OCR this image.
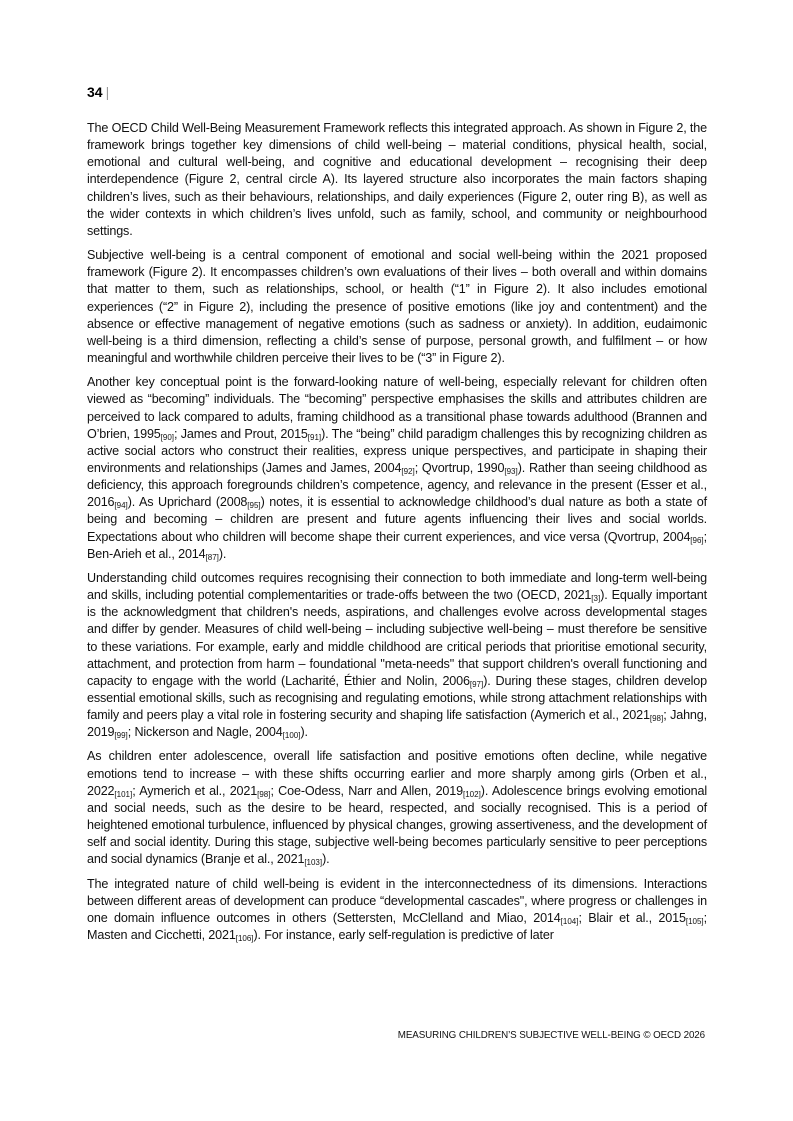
34 |

The OECD Child Well-Being Measurement Framework reflects this integrated approach. As shown in Figure 2, the framework brings together key dimensions of child well-being – material conditions, physical health, social, emotional and cultural well-being, and cognitive and educational development – recognising their deep interdependence (Figure 2, central circle A). Its layered structure also incorporates the main factors shaping children’s lives, such as their behaviours, relationships, and daily experiences (Figure 2, outer ring B), as well as the wider contexts in which children’s lives unfold, such as family, school, and community or neighbourhood settings.

Subjective well-being is a central component of emotional and social well-being within the 2021 proposed framework (Figure 2). It encompasses children’s own evaluations of their lives – both overall and within domains that matter to them, such as relationships, school, or health (“1” in Figure 2). It also includes emotional experiences (“2” in Figure 2), including the presence of positive emotions (like joy and contentment) and the absence or effective management of negative emotions (such as sadness or anxiety). In addition, eudaimonic well-being is a third dimension, reflecting a child’s sense of purpose, personal growth, and fulfilment – or how meaningful and worthwhile children perceive their lives to be (“3” in Figure 2).

Another key conceptual point is the forward-looking nature of well-being, especially relevant for children often viewed as “becoming” individuals. The “becoming” perspective emphasises the skills and attributes children are perceived to lack compared to adults, framing childhood as a transitional phase towards adulthood (Brannen and O’brien, 1995[90]; James and Prout, 2015[91]). The “being” child paradigm challenges this by recognizing children as active social actors who construct their realities, express unique perspectives, and participate in shaping their environments and relationships (James and James, 2004[92]; Qvortrup, 1990[93]). Rather than seeing childhood as deficiency, this approach foregrounds children’s competence, agency, and relevance in the present (Esser et al., 2016[94]). As Uprichard (2008[95]) notes, it is essential to acknowledge childhood’s dual nature as both a state of being and becoming – children are present and future agents influencing their lives and social worlds. Expectations about who children will become shape their current experiences, and vice versa (Qvortrup, 2004[96]; Ben-Arieh et al., 2014[87]).

Understanding child outcomes requires recognising their connection to both immediate and long-term well-being and skills, including potential complementarities or trade-offs between the two (OECD, 2021[3]). Equally important is the acknowledgment that children's needs, aspirations, and challenges evolve across developmental stages and differ by gender. Measures of child well-being – including subjective well-being – must therefore be sensitive to these variations. For example, early and middle childhood are critical periods that prioritise emotional security, attachment, and protection from harm – foundational "meta-needs" that support children's overall functioning and capacity to engage with the world (Lacharité, Éthier and Nolin, 2006[97]). During these stages, children develop essential emotional skills, such as recognising and regulating emotions, while strong attachment relationships with family and peers play a vital role in fostering security and shaping life satisfaction (Aymerich et al., 2021[98]; Jahng, 2019[99]; Nickerson and Nagle, 2004[100]).

As children enter adolescence, overall life satisfaction and positive emotions often decline, while negative emotions tend to increase – with these shifts occurring earlier and more sharply among girls (Orben et al., 2022[101]; Aymerich et al., 2021[98]; Coe-Odess, Narr and Allen, 2019[102]). Adolescence brings evolving emotional and social needs, such as the desire to be heard, respected, and socially recognised. This is a period of heightened emotional turbulence, influenced by physical changes, growing assertiveness, and the development of self and social identity. During this stage, subjective well-being becomes particularly sensitive to peer perceptions and social dynamics (Branje et al., 2021[103]).

The integrated nature of child well-being is evident in the interconnectedness of its dimensions. Interactions between different areas of development can produce “developmental cascades", where progress or challenges in one domain influence outcomes in others (Settersten, McClelland and Miao, 2014[104]; Blair et al., 2015[105]; Masten and Cicchetti, 2021[106]). For instance, early self-regulation is predictive of later

MEASURING CHILDREN’S SUBJECTIVE WELL-BEING © OECD 2026
